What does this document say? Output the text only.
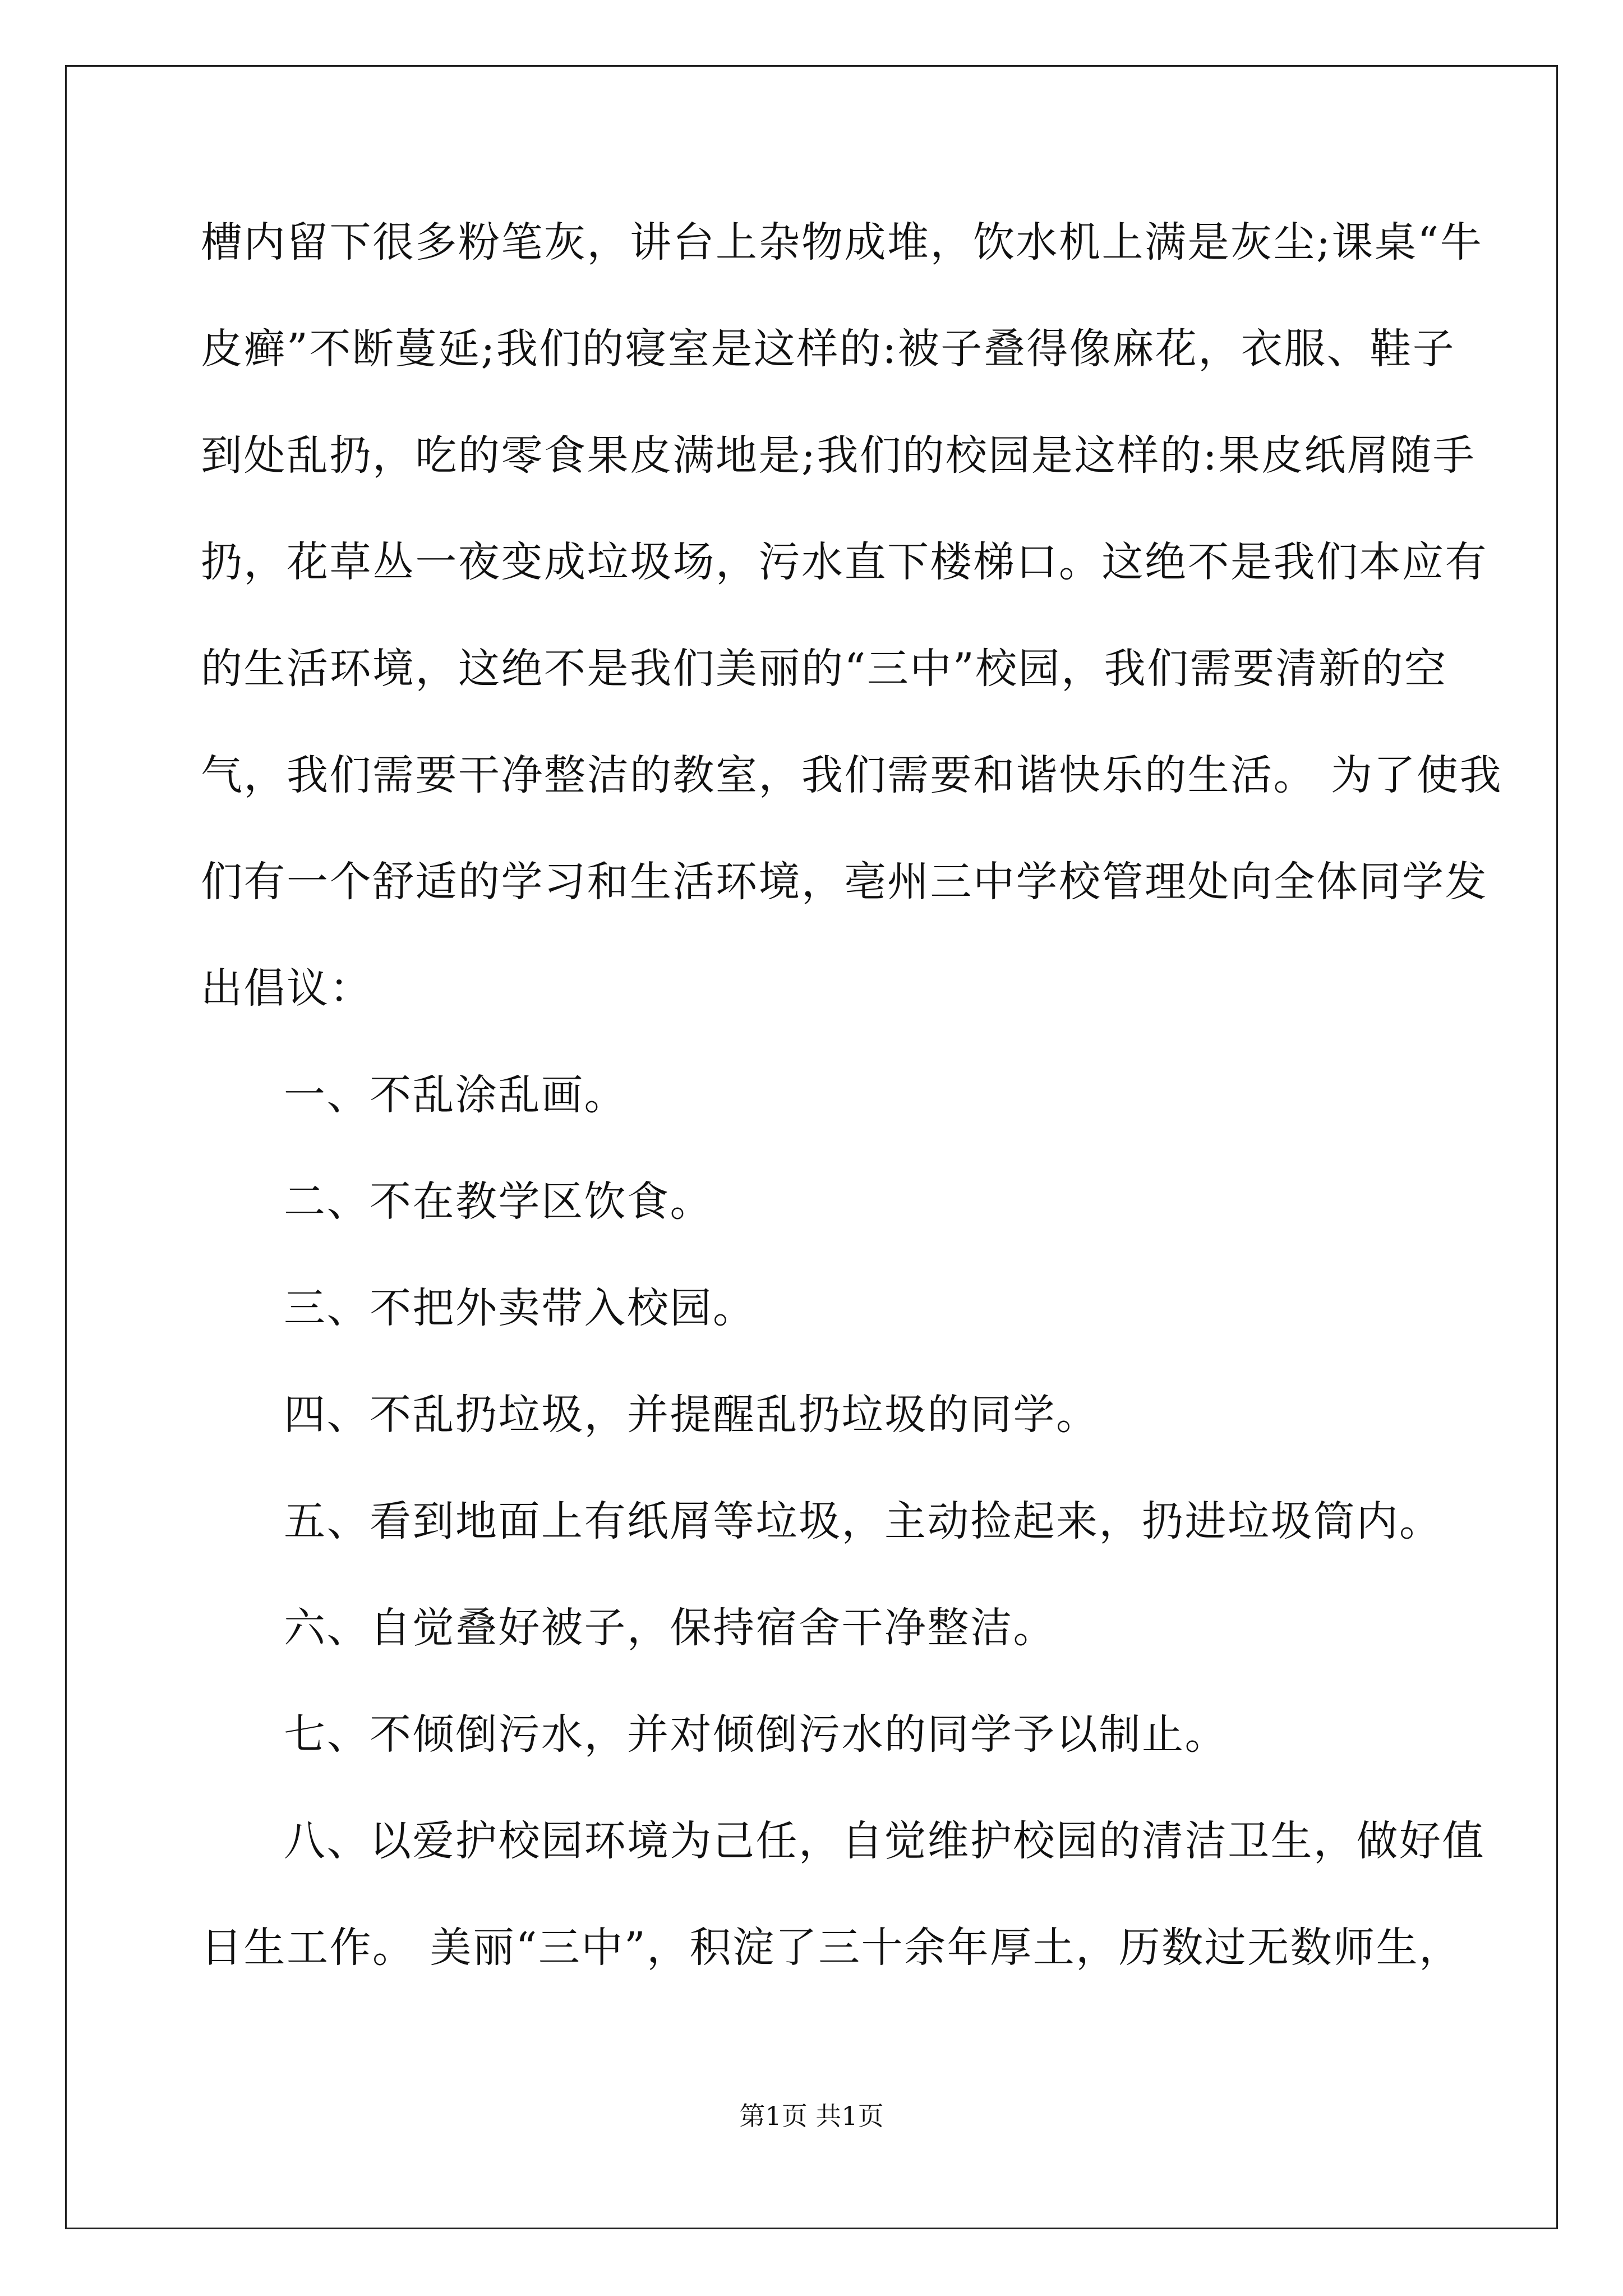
槽内留下很多粉笔灰，讲台上杂物成堆，饮水机上满是灰尘;课桌“牛
皮癣”不断蔓延;我们的寝室是这样的:被子叠得像麻花，衣服、鞋子
到处乱扔，吃的零食果皮满地是;我们的校园是这样的:果皮纸屑随手
扔，花草丛一夜变成垃圾场，污水直下楼梯口。这绝不是我们本应有
的生活环境，这绝不是我们美丽的“三中”校园，我们需要清新的空
气，我们需要干净整洁的教室，我们需要和谐快乐的生活。 为了使我
们有一个舒适的学习和生活环境，亳州三中学校管理处向全体同学发
出倡议：
一、不乱涂乱画。
二、不在教学区饮食。
三、不把外卖带入校园。
四、不乱扔垃圾，并提醒乱扔垃圾的同学。
五、看到地面上有纸屑等垃圾，主动捡起来，扔进垃圾筒内。
六、自觉叠好被子，保持宿舍干净整洁。
七、不倾倒污水，并对倾倒污水的同学予以制止。
八、以爱护校园环境为己任，自觉维护校园的清洁卫生，做好值
日生工作。 美丽“三中”，积淀了三十余年厚土，历数过无数师生，
第1页 共1页
